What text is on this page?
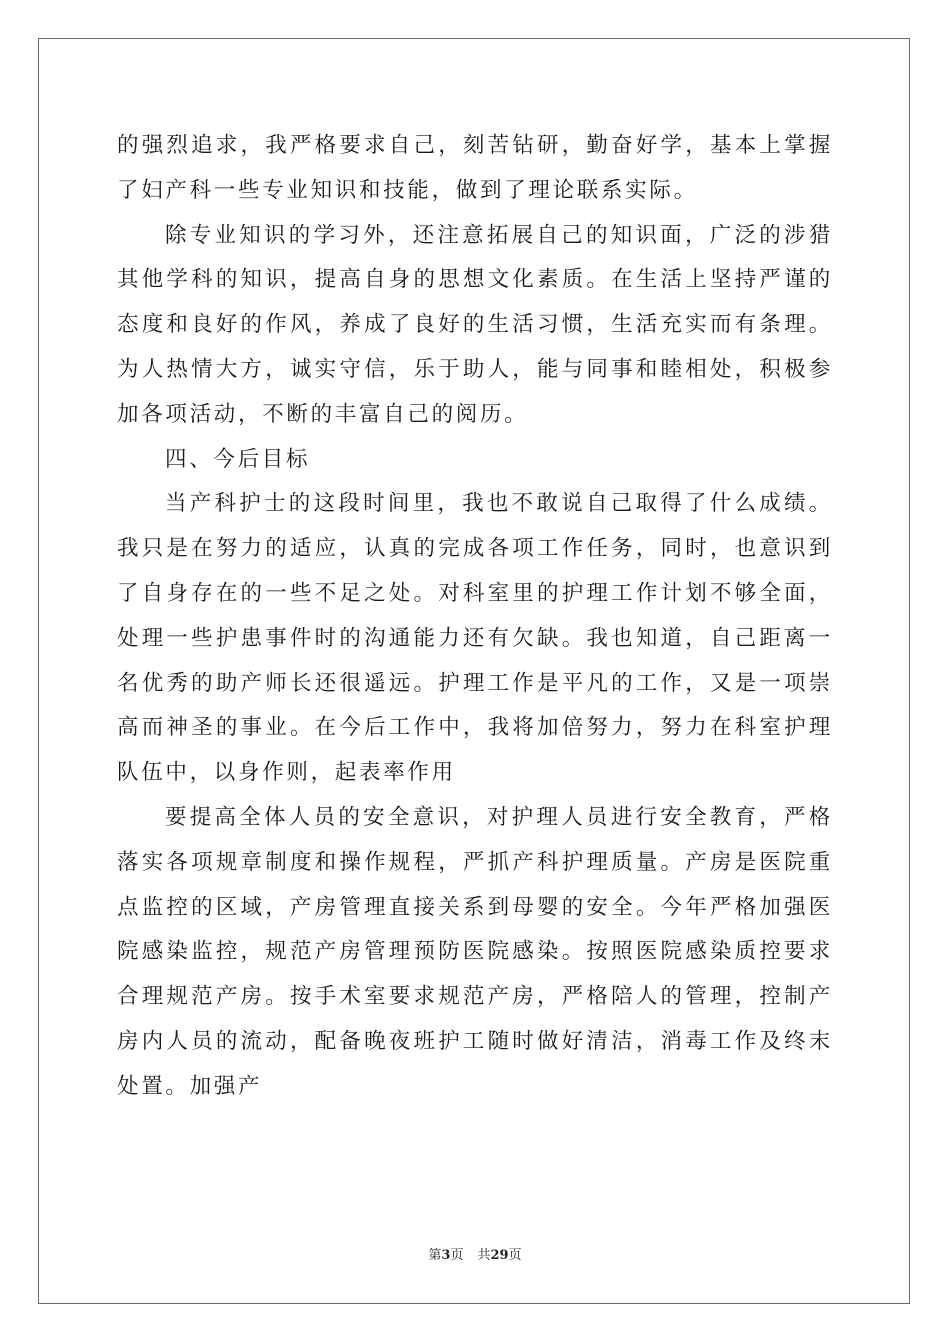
的强烈追求，我严格要求自己，刻苦钻研，勤奋好学，基本上掌握了妇产科一些专业知识和技能，做到了理论联系实际。

除专业知识的学习外，还注意拓展自己的知识面，广泛的涉猎其他学科的知识，提高自身的思想文化素质。在生活上坚持严谨的态度和良好的作风，养成了良好的生活习惯，生活充实而有条理。为人热情大方，诚实守信，乐于助人，能与同事和睦相处，积极参加各项活动，不断的丰富自己的阅历。

四、今后目标

当产科护士的这段时间里，我也不敢说自己取得了什么成绩。我只是在努力的适应，认真的完成各项工作任务，同时，也意识到了自身存在的一些不足之处。对科室里的护理工作计划不够全面，处理一些护患事件时的沟通能力还有欠缺。我也知道，自己距离一名优秀的助产师长还很遥远。护理工作是平凡的工作，又是一项崇高而神圣的事业。在今后工作中，我将加倍努力，努力在科室护理队伍中，以身作则，起表率作用

要提高全体人员的安全意识，对护理人员进行安全教育，严格落实各项规章制度和操作规程，严抓产科护理质量。产房是医院重点监控的区域，产房管理直接关系到母婴的安全。今年严格加强医院感染监控，规范产房管理预防医院感染。按照医院感染质控要求合理规范产房。按手术室要求规范产房，严格陪人的管理，控制产房内人员的流动，配备晚夜班护工随时做好清洁，消毒工作及终末处置。加强产

第3页 共29页
